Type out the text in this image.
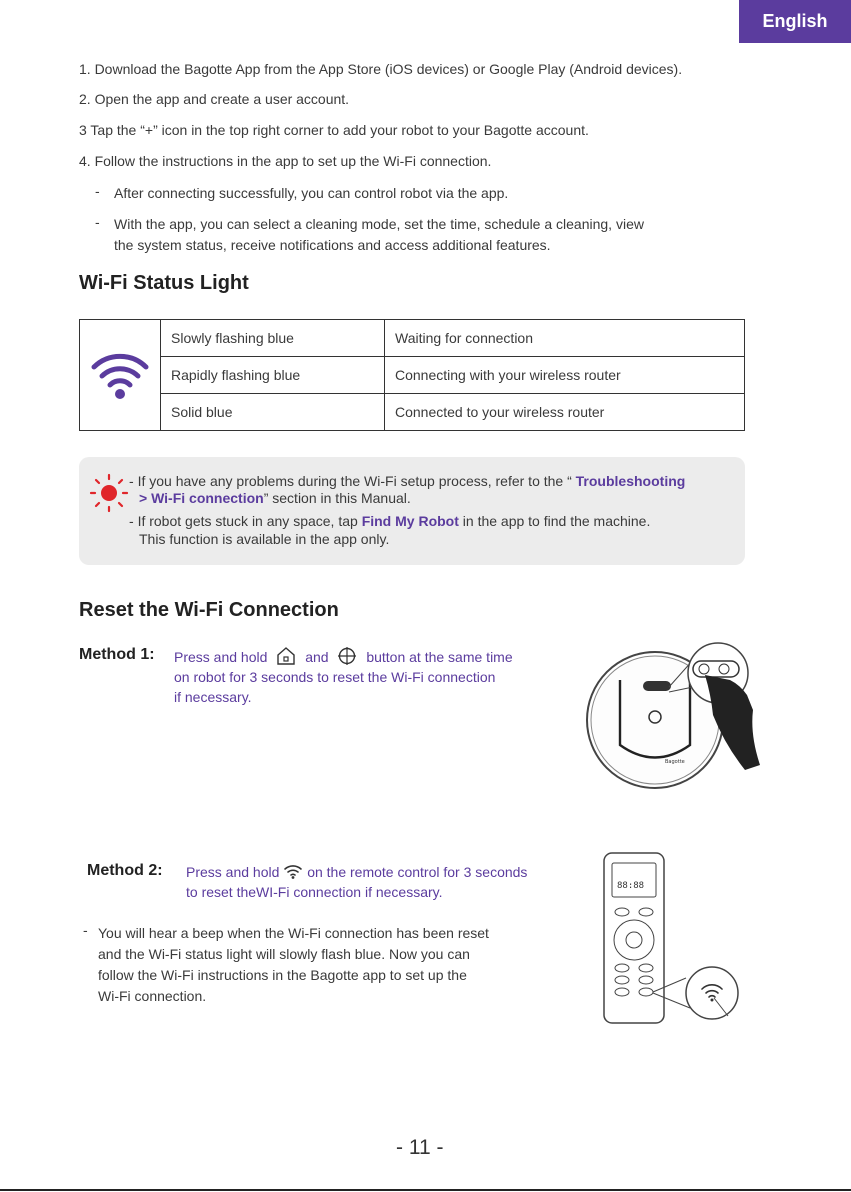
English
1. Download the Bagotte App from the App Store (iOS devices) or Google Play (Android devices).
2. Open the app and create a user account.
3 Tap the “+” icon in the top right corner to add your robot to your Bagotte account.
4. Follow the instructions in the app to set up the Wi-Fi connection.
- After connecting successfully, you can control robot via the app.
- With the app, you can select a cleaning mode, set the time, schedule a cleaning, view
the system status, receive notifications and access additional features.
Wi-Fi Status Light
	Slowly flashing blue	Waiting for connection
	Rapidly flashing blue	Connecting with your wireless router
	Solid blue	Connected to your wireless router
- If you have any problems during the Wi-Fi setup process, refer to the “ Troubleshooting
> Wi-Fi connection” section in this Manual.
- If robot gets stuck in any space, tap Find My Robot in the app to find the machine.
This function is available in the app only.
Reset the Wi-Fi Connection
Method 1: Press and hold	and	button at the same time
on robot for 3 seconds to reset the Wi-Fi connection
if necessary.
Bagotte
Method 2: Press and hold on the remote control for 3 seconds
to reset theWI-Fi connection if necessary.
- You will hear a beep when the Wi-Fi connection has been reset
and the Wi-Fi status light will slowly flash blue. Now you can
follow the Wi-Fi instructions in the Bagotte app to set up the
Wi-Fi connection.
88:88
- 11 -
